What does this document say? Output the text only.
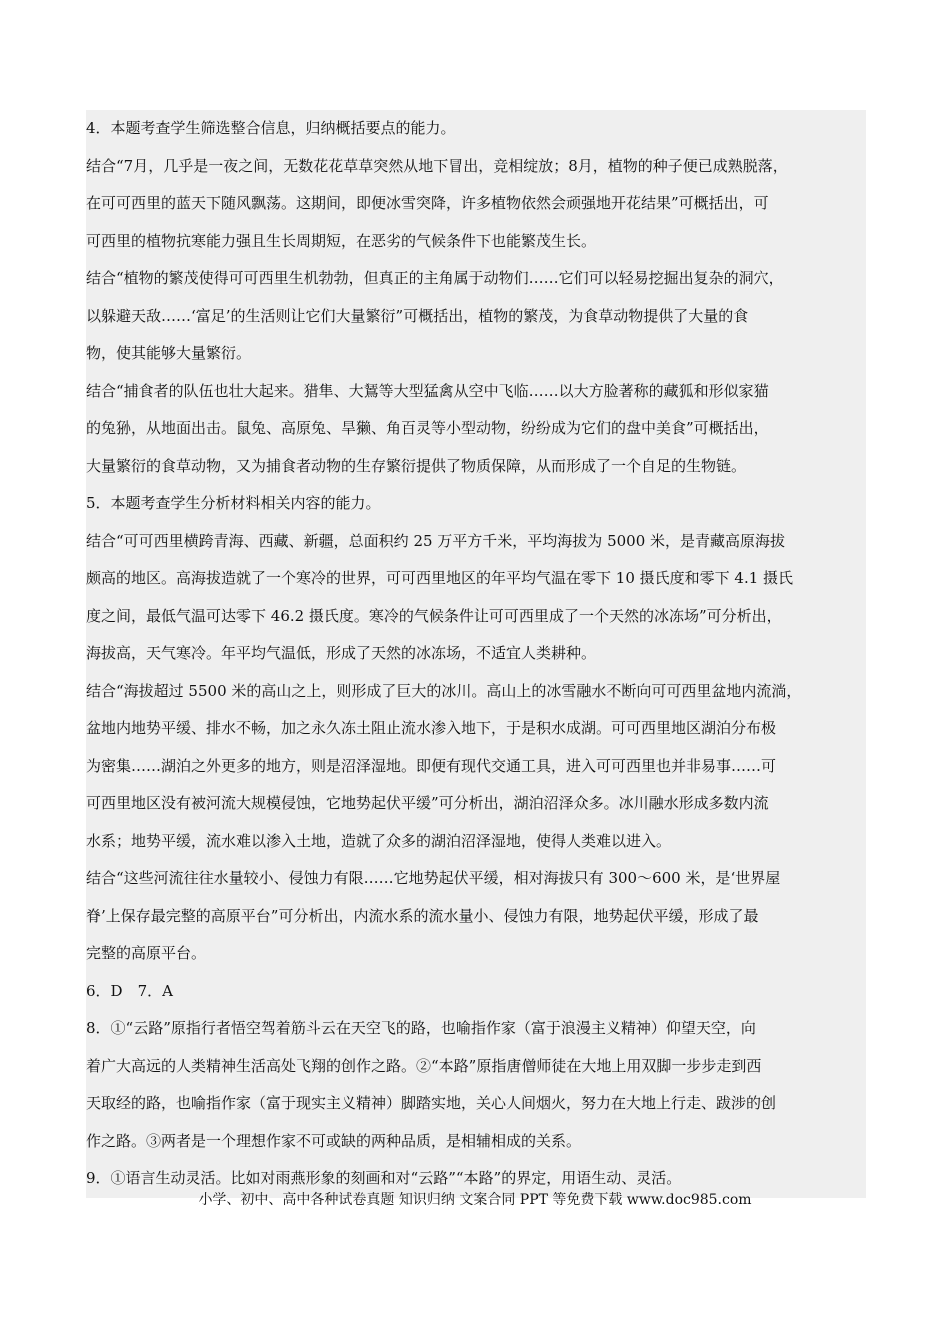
4．本题考查学生筛选整合信息，归纳概括要点的能力。
结合“7月，几乎是一夜之间，无数花花草草突然从地下冒出，竞相绽放；8月，植物的种子便已成熟脱落，
在可可西里的蓝天下随风飘荡。这期间，即便冰雪突降，许多植物依然会顽强地开花结果”可概括出，可
可西里的植物抗寒能力强且生长周期短，在恶劣的气候条件下也能繁茂生长。
结合“植物的繁茂使得可可西里生机勃勃，但真正的主角属于动物们……它们可以轻易挖掘出复杂的洞穴，
以躲避天敌……‘富足’的生活则让它们大量繁衍”可概括出，植物的繁茂，为食草动物提供了大量的食
物，使其能够大量繁衍。
结合“捕食者的队伍也壮大起来。猎隼、大鵟等大型猛禽从空中飞临……以大方脸著称的藏狐和形似家猫
的兔狲，从地面出击。鼠兔、高原兔、旱獭、角百灵等小型动物，纷纷成为它们的盘中美食”可概括出，
大量繁衍的食草动物，又为捕食者动物的生存繁衍提供了物质保障，从而形成了一个自足的生物链。
5．本题考查学生分析材料相关内容的能力。
结合“可可西里横跨青海、西藏、新疆，总面积约 25 万平方千米，平均海拔为 5000 米，是青藏高原海拔
颇高的地区。高海拔造就了一个寒冷的世界，可可西里地区的年平均气温在零下 10 摄氏度和零下 4.1 摄氏
度之间，最低气温可达零下 46.2 摄氏度。寒冷的气候条件让可可西里成了一个天然的冰冻场”可分析出，
海拔高，天气寒冷。年平均气温低，形成了天然的冰冻场，不适宜人类耕种。
结合“海拔超过 5500 米的高山之上，则形成了巨大的冰川。高山上的冰雪融水不断向可可西里盆地内流淌，
盆地内地势平缓、排水不畅，加之永久冻土阻止流水渗入地下，于是积水成湖。可可西里地区湖泊分布极
为密集……湖泊之外更多的地方，则是沼泽湿地。即便有现代交通工具，进入可可西里也并非易事……可
可西里地区没有被河流大规模侵蚀，它地势起伏平缓”可分析出，湖泊沼泽众多。冰川融水形成多数内流
水系；地势平缓，流水难以渗入土地，造就了众多的湖泊沼泽湿地，使得人类难以进入。
结合“这些河流往往水量较小、侵蚀力有限……它地势起伏平缓，相对海拔只有 300～600 米，是‘世界屋
脊’上保存最完整的高原平台”可分析出，内流水系的流水量小、侵蚀力有限，地势起伏平缓，形成了最
完整的高原平台。
6．D　7．A
8．①“云路”原指行者悟空驾着筋斗云在天空飞的路，也喻指作家（富于浪漫主义精神）仰望天空，向
着广大高远的人类精神生活高处飞翔的创作之路。②“本路”原指唐僧师徒在大地上用双脚一步步走到西
天取经的路，也喻指作家（富于现实主义精神）脚踏实地，关心人间烟火，努力在大地上行走、跋涉的创
作之路。③两者是一个理想作家不可或缺的两种品质，是相辅相成的关系。
9．①语言生动灵活。比如对雨燕形象的刻画和对“云路”“本路”的界定，用语生动、灵活。
小学、初中、高中各种试卷真题 知识归纳 文案合同 PPT 等免费下载 www.doc985.com
